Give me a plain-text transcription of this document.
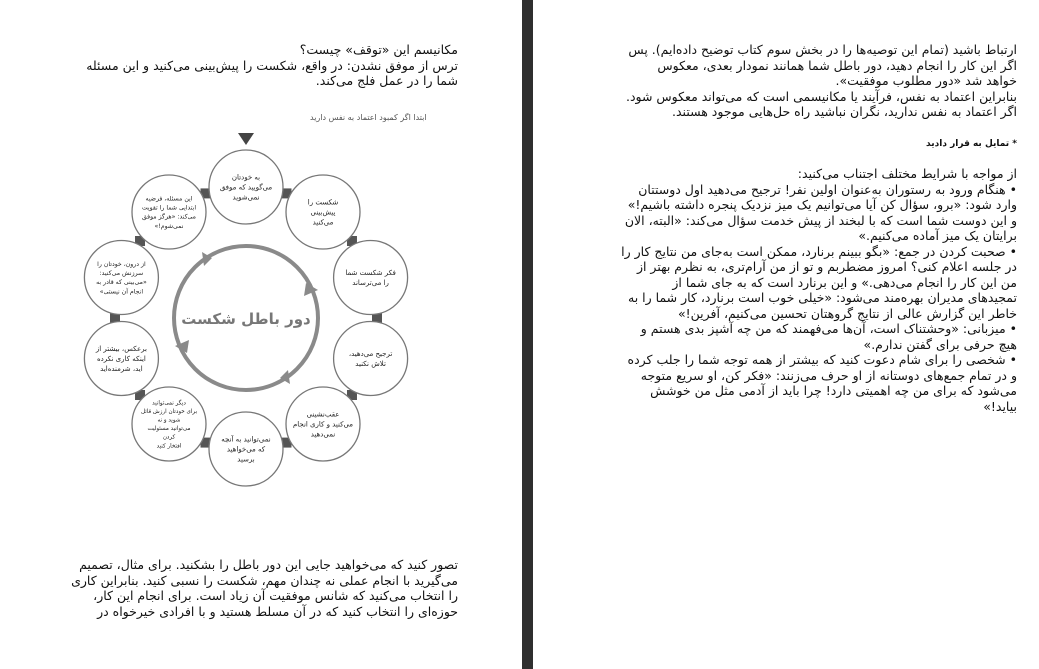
مکانیسم این «توقف» چیست؟
ترس از موفق نشدن: در واقع، شکست را پیش‌بینی می‌کنید و این مسئله
شما را در عمل فلج می‌کند.
ابتدا اگر کمبود اعتماد به نفس دارید
دور باطل شکست
به خودتان
می‌گویید که موفق
نمی‌شوید
شکست را
پیش‌بینی
می‌کنید
فکر شکست شما
را می‌ترساند
ترجیح می‌دهید،
تلاش نکنید
عقب‌نشینی
می‌کنید و کاری انجام
نمی‌دهید
نمی‌توانید به آنچه
که می‌خواهید
برسید
دیگر نمی‌توانید
برای خودتان ارزش قائل
شوید و نه
می‌توانید مسئولیت
کردن
افتخار کنید
برعکس، بیشتر از
اینکه کاری نکرده
اید، شرمنده‌اید
از درون، خودتان را
سرزنش می‌کنید:
«می‌بینی که قادر به
انجام آن نیستی»
این مسئله، فرضیه
ابتدایی شما را تقویت
می‌کند: «هرگز موفق
نمی‌شوم!»
تصور کنید که می‌خواهید جایی این دور باطل را بشکنید. برای مثال، تصمیم
می‌گیرید با انجام عملی نه چندان مهم، شکست را نسبی کنید. بنابراین کاری
را انتخاب می‌کنید که شانس موفقیت آن زیاد است. برای انجام این کار،
حوزه‌ای را انتخاب کنید که در آن مسلط هستید و با افرادی خیرخواه در
ارتباط باشید (تمام این توصیه‌ها را در بخش سوم کتاب توضیح داده‌ایم). پس
اگر این کار را انجام دهید، دور باطل شما همانند نمودار بعدی، معکوس
خواهد شد «دور مطلوب موفقیت».
بنابراین اعتماد به نفس، فرآیند یا مکانیسمی است که می‌تواند معکوس شود.
اگر اعتماد به نفس ندارید، نگران نباشید راه حل‌هایی موجود هستند.
* تمایل به قرار دادید
از مواجه با شرایط مختلف اجتناب می‌کنید:
• هنگام ورود به رستوران به‌عنوان اولین نفر! ترجیح می‌دهید اول دوستتان
وارد شود: «برو، سؤال کن آیا می‌توانیم یک میز نزدیک پنجره داشته باشیم!»
و این دوست شما است که با لبخند از پیش خدمت سؤال می‌کند: «البته، الان
برایتان یک میز آماده می‌کنیم.»
• صحبت کردن در جمع: «بگو ببینم برنارد، ممکن است به‌جای من نتایج کار را
در جلسه اعلام کنی؟ امروز مضطربم و تو از من آرام‌تری، به نظرم بهتر از
من این کار را انجام می‌دهی.» و این برنارد است که به جای شما از
تمجیدهای مدیران بهره‌مند می‌شود: «خیلی خوب است برنارد، کار شما را به
خاطر این گزارش عالی از نتایج گروهتان تحسین می‌کنیم، آفرین!»
• میزبانی: «وحشتناک است، آن‌ها می‌فهمند که من چه آشپز بدی هستم و
هیچ حرفی برای گفتن ندارم.»
• شخصی را برای شام دعوت کنید که بیشتر از همه توجه شما را جلب کرده
و در تمام جمع‌های دوستانه از او حرف می‌زنند: «فکر کن، او سریع متوجه
می‌شود که برای من چه اهمیتی دارد! چرا باید از آدمی مثل من خوشش
بیاید!»
